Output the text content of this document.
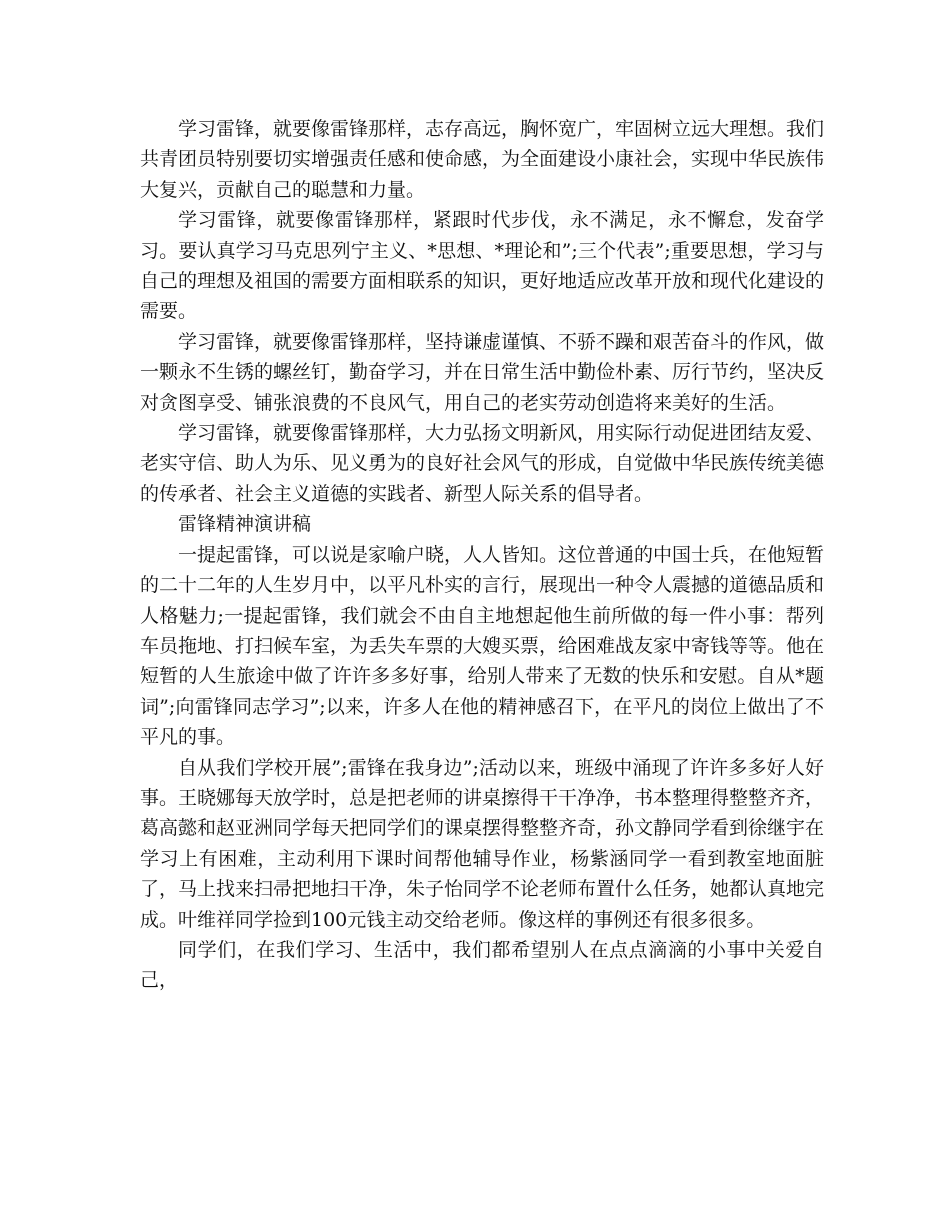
学习雷锋，就要像雷锋那样，志存高远，胸怀宽广，牢固树立远大理想。我们共青团员特别要切实增强责任感和使命感，为全面建设小康社会，实现中华民族伟大复兴，贡献自己的聪慧和力量。

学习雷锋，就要像雷锋那样，紧跟时代步伐，永不满足，永不懈怠，发奋学习。要认真学习马克思列宁主义、*思想、*理论和”;三个代表”;重要思想，学习与自己的理想及祖国的需要方面相联系的知识，更好地适应改革开放和现代化建设的需要。

学习雷锋，就要像雷锋那样，坚持谦虚谨慎、不骄不躁和艰苦奋斗的作风，做一颗永不生锈的螺丝钉，勤奋学习，并在日常生活中勤俭朴素、厉行节约，坚决反对贪图享受、铺张浪费的不良风气，用自己的老实劳动创造将来美好的生活。

学习雷锋，就要像雷锋那样，大力弘扬文明新风，用实际行动促进团结友爱、老实守信、助人为乐、见义勇为的良好社会风气的形成，自觉做中华民族传统美德的传承者、社会主义道德的实践者、新型人际关系的倡导者。

雷锋精神演讲稿

一提起雷锋，可以说是家喻户晓，人人皆知。这位普通的中国士兵，在他短暂的二十二年的人生岁月中，以平凡朴实的言行，展现出一种令人震撼的道德品质和人格魅力;一提起雷锋，我们就会不由自主地想起他生前所做的每一件小事：帮列车员拖地、打扫候车室，为丢失车票的大嫂买票，给困难战友家中寄钱等等。他在短暂的人生旅途中做了许许多多好事，给别人带来了无数的快乐和安慰。自从*题词”;向雷锋同志学习”;以来，许多人在他的精神感召下，在平凡的岗位上做出了不平凡的事。

自从我们学校开展”;雷锋在我身边”;活动以来，班级中涌现了许许多多好人好事。王晓娜每天放学时，总是把老师的讲桌擦得干干净净，书本整理得整整齐齐，葛高懿和赵亚洲同学每天把同学们的课桌摆得整整齐奇，孙文静同学看到徐继宇在学习上有困难，主动利用下课时间帮他辅导作业，杨紫涵同学一看到教室地面脏了，马上找来扫帚把地扫干净，朱子怡同学不论老师布置什么任务，她都认真地完成。叶维祥同学捡到100元钱主动交给老师。像这样的事例还有很多很多。

同学们，在我们学习、生活中，我们都希望别人在点点滴滴的小事中关爱自己，
